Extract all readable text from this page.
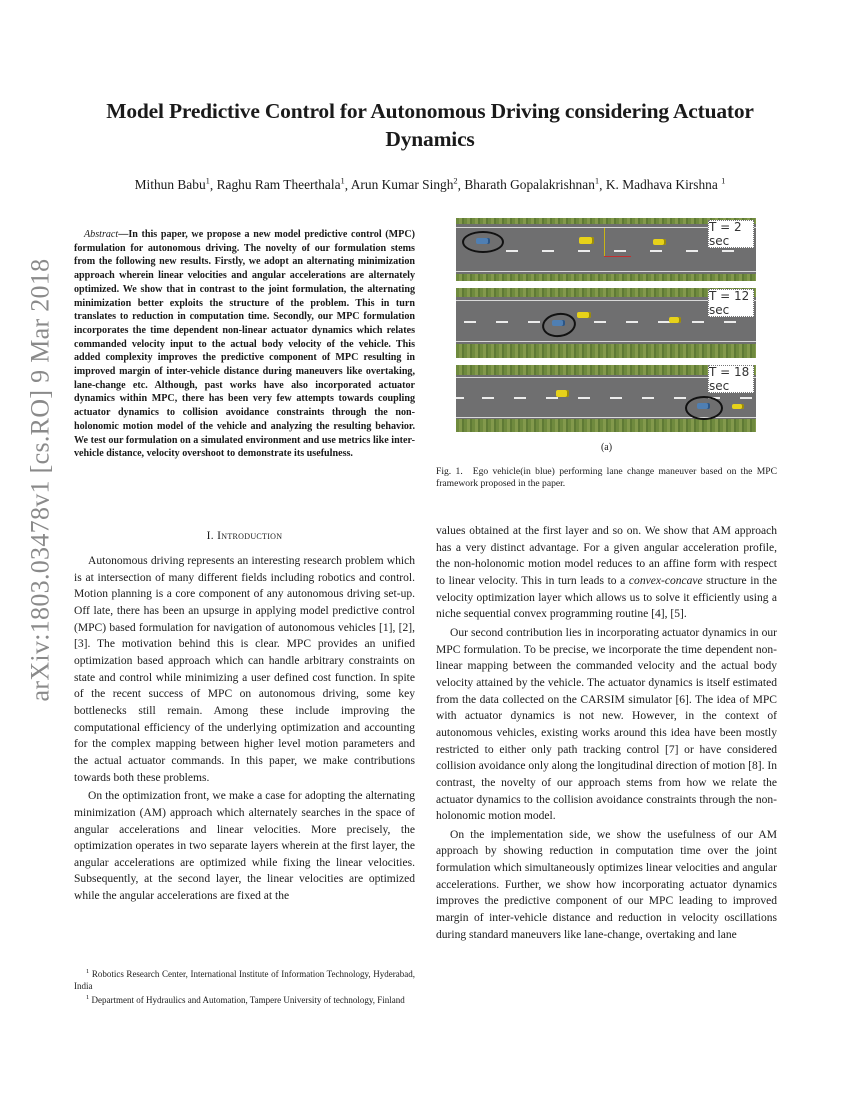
arXiv:1803.03478v1 [cs.RO] 9 Mar 2018
Model Predictive Control for Autonomous Driving considering Actuator Dynamics
Mithun Babu$^1$, Raghu Ram Theerthala$^1$, Arun Kumar Singh$^2$, Bharath Gopalakrishnan$^1$, K. Madhava Kirshna $^1$

Abstract—In this paper, we propose a new model predictive control (MPC) formulation for autonomous driving. The novelty of our formulation stems from the following new results. Firstly, we adopt an alternating minimization approach wherein linear velocities and angular accelerations are alternately optimized. We show that in contrast to the joint formulation, the alternating minimization better exploits the structure of the problem. This in turn translates to reduction in computation time. Secondly, our MPC formulation incorporates the time dependent non-linear actuator dynamics which relates commanded velocity input to the actual body velocity of the vehicle. This added complexity improves the predictive component of MPC resulting in improved margin of inter-vehicle distance during maneuvers like overtaking, lane-change etc. Although, past works have also incorporated actuator dynamics within MPC, there has been very few attempts towards coupling actuator dynamics to collision avoidance constraints through the non-holonomic motion model of the vehicle and analyzing the resulting behavior. We test our formulation on a simulated environment and use metrics like inter-vehicle distance, velocity overshoot to demonstrate its usefulness.

I. Introduction

Autonomous driving represents an interesting research problem which is at intersection of many different fields including robotics and control. Motion planning is a core component of any autonomous driving set-up. Off late, there has been an upsurge in applying model predictive control (MPC) based formulation for navigation of autonomous vehicles [1], [2],[3]. The motivation behind this is clear. MPC provides an unified optimization based approach which can handle arbitrary constraints on state and control while minimizing a user defined cost function. In spite of the recent success of MPC on autonomous driving, some key bottlenecks still remain. Among these include improving the computational efficiency of the underlying optimization and accounting for the complex mapping between higher level motion parameters and the actual actuator commands. In this paper, we make contributions towards both these problems.

On the optimization front, we make a case for adopting the alternating minimization (AM) approach which alternately searches in the space of angular accelerations and linear velocities. More precisely, the optimization operates in two separate layers wherein at the first layer, the angular accelerations are optimized while fixing the linear velocities. Subsequently, at the second layer, the linear velocities are optimized while the angular accelerations are fixed at the

$^1$ Robotics Research Center, International Institute of Information Technology, Hyderabad, India

$^1$ Department of Hydraulics and Automation, Tampere University of technology, Finland

T = 2 sec
T = 12 sec
T = 18 sec
(a)
Fig. 1. Ego vehicle(in blue) performing lane change maneuver based on the MPC framework proposed in the paper.

values obtained at the first layer and so on. We show that AM approach has a very distinct advantage. For a given angular acceleration profile, the non-holonomic motion model reduces to an affine form with respect to linear velocity. This in turn leads to a convex-concave structure in the velocity optimization layer which allows us to solve it efficiently using a niche sequential convex programming routine [4], [5].

Our second contribution lies in incorporating actuator dynamics in our MPC formulation. To be precise, we incorporate the time dependent non-linear mapping between the commanded velocity and the actual body velocity attained by the vehicle. The actuator dynamics is itself estimated from the data collected on the CARSIM simulator [6]. The idea of MPC with actuator dynamics is not new. However, in the context of autonomous vehicles, existing works around this idea have been mostly restricted to either only path tracking control [7] or have considered collision avoidance only along the longitudinal direction of motion [8]. In contrast, the novelty of our approach stems from how we relate the actuator dynamics to the collision avoidance constraints through the non-holonomic motion model.

On the implementation side, we show the usefulness of our AM approach by showing reduction in computation time over the joint formulation which simultaneously optimizes linear velocities and angular accelerations. Further, we show how incorporating actuator dynamics improves the predictive component of our MPC leading to improved margin of inter-vehicle distance and reduction in velocity oscillations during standard maneuvers like lane-change, overtaking and lane
